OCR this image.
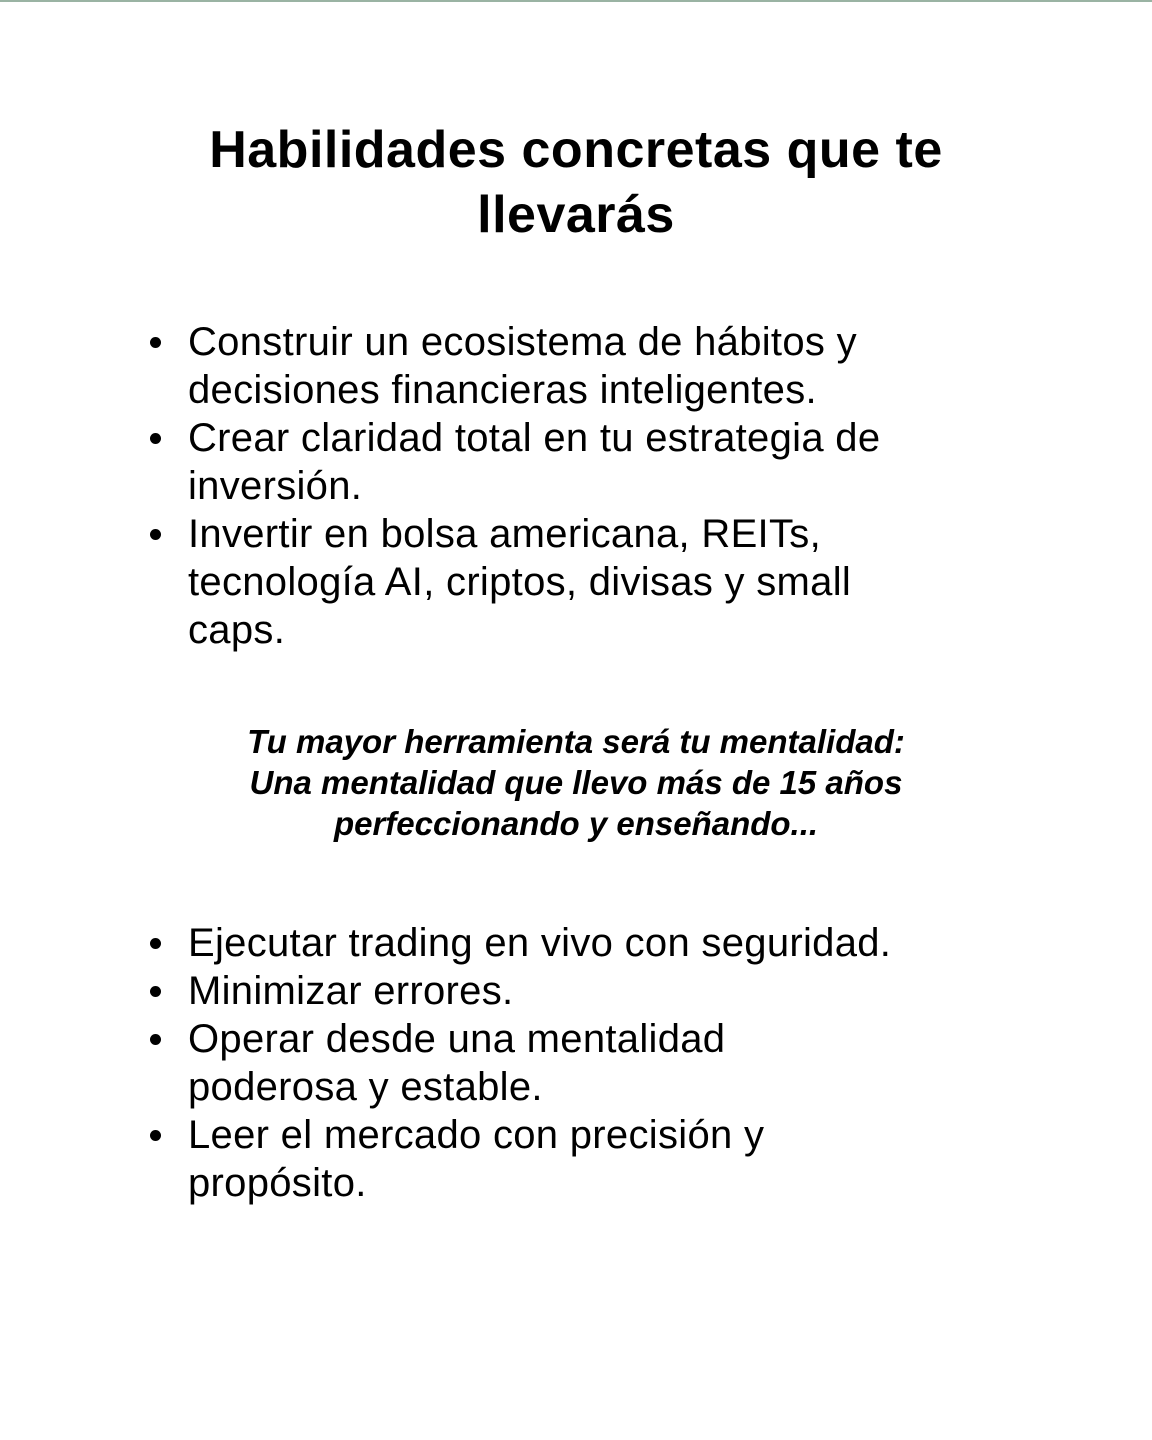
Habilidades concretas que te
llevarás
Construir un ecosistema de hábitos y
decisiones financieras inteligentes.
Crear claridad total en tu estrategia de
inversión.
Invertir en bolsa americana, REITs,
tecnología AI, criptos, divisas y small
caps.
Tu mayor herramienta será tu mentalidad:
Una mentalidad que llevo más de 15 años
perfeccionando y enseñando...
Ejecutar trading en vivo con seguridad.
Minimizar errores.
Operar desde una mentalidad
poderosa y estable.
Leer el mercado con precisión y
propósito.
